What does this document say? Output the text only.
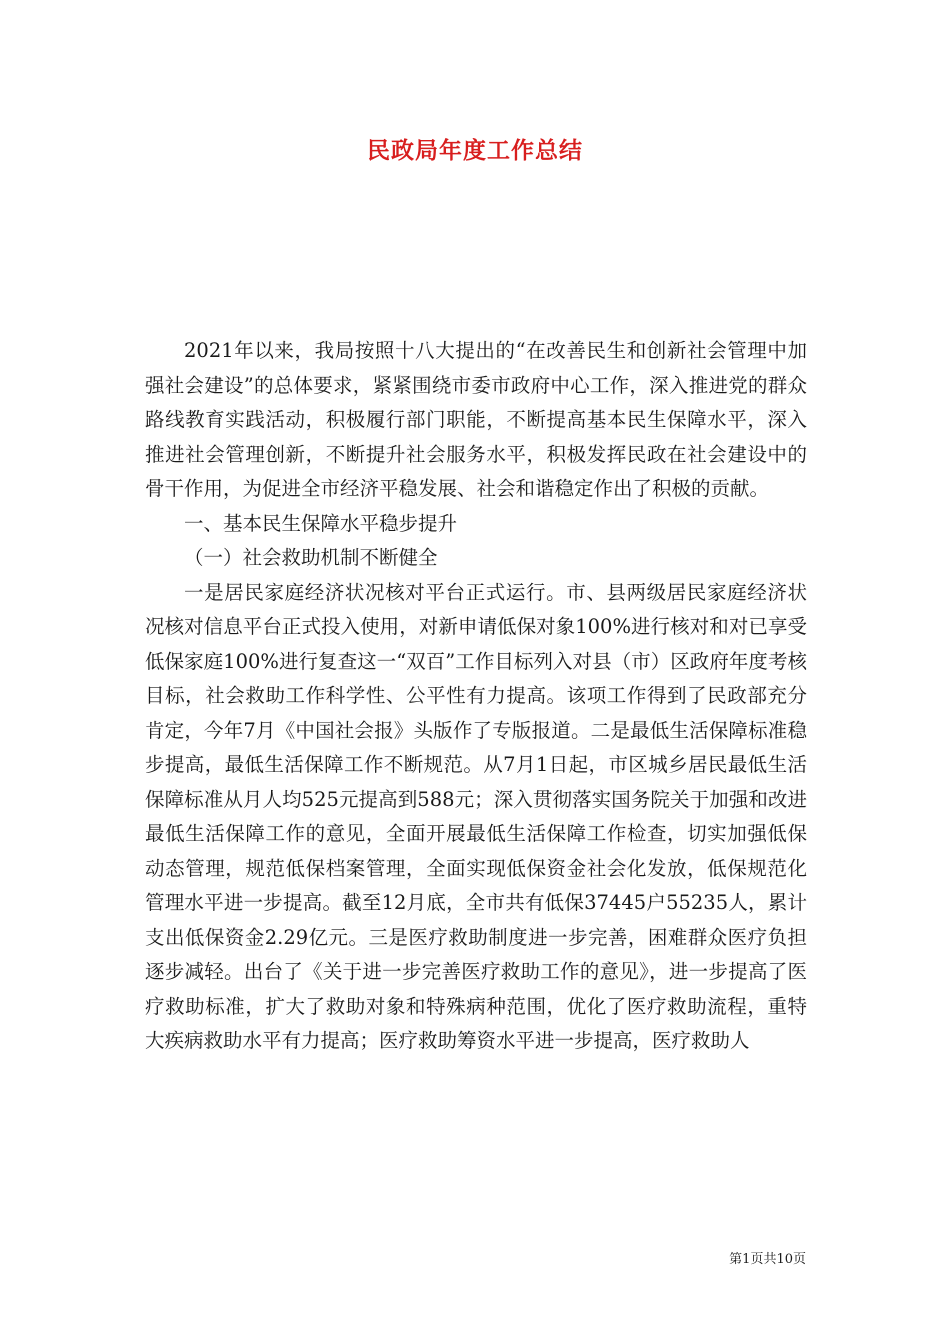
民政局年度工作总结

2021年以来，我局按照十八大提出的“在改善民生和创新社会管理中加强社会建设”的总体要求，紧紧围绕市委市政府中心工作，深入推进党的群众路线教育实践活动，积极履行部门职能，不断提高基本民生保障水平，深入推进社会管理创新，不断提升社会服务水平，积极发挥民政在社会建设中的骨干作用，为促进全市经济平稳发展、社会和谐稳定作出了积极的贡献。

一、基本民生保障水平稳步提升

（一）社会救助机制不断健全

一是居民家庭经济状况核对平台正式运行。市、县两级居民家庭经济状况核对信息平台正式投入使用，对新申请低保对象100%进行核对和对已享受低保家庭100%进行复查这一“双百”工作目标列入对县（市）区政府年度考核目标，社会救助工作科学性、公平性有力提高。该项工作得到了民政部充分肯定，今年7月《中国社会报》头版作了专版报道。二是最低生活保障标准稳步提高，最低生活保障工作不断规范。从7月1日起，市区城乡居民最低生活保障标准从月人均525元提高到588元；深入贯彻落实国务院关于加强和改进最低生活保障工作的意见，全面开展最低生活保障工作检查，切实加强低保动态管理，规范低保档案管理，全面实现低保资金社会化发放，低保规范化管理水平进一步提高。截至12月底，全市共有低保37445户55235人，累计支出低保资金2.29亿元。三是医疗救助制度进一步完善，困难群众医疗负担逐步减轻。出台了《关于进一步完善医疗救助工作的意见》，进一步提高了医疗救助标准，扩大了救助对象和特殊病种范围，优化了医疗救助流程，重特大疾病救助水平有力提高；医疗救助筹资水平进一步提高，医疗救助人

第1页共10页
